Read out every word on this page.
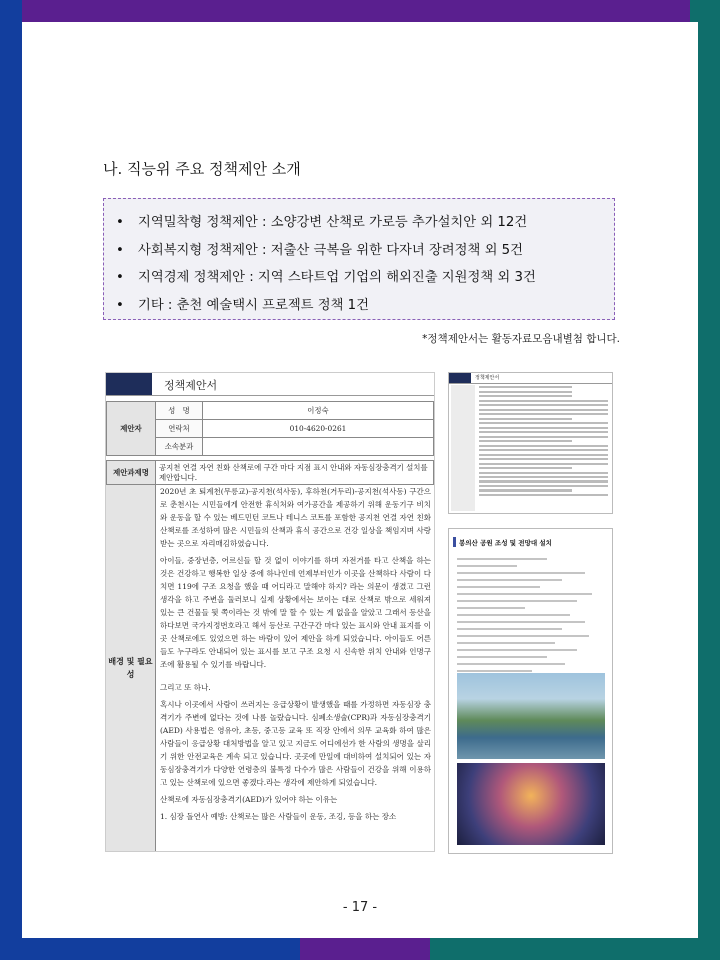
나. 직능위 주요 정책제안 소개
• 지역밀착형 정책제안 : 소양강변 산책로 가로등 추가설치안 외 12건
• 사회복지형 정책제안 : 저출산 극복을 위한 다자녀 장려정책 외 5건
• 지역경제 정책제안 : 지역 스타트업 기업의 해외진출 지원정책 외 3건
• 기타 : 춘천 예술택시 프로젝트 정책 1건
*정책제안서는 활동자료모음내별첨 합니다.
정책제안서
제안자	성　명	이정숙
	연락처	010-4620-0261
	소속분과	
제안과제명	공지천 연결 자연 친화 산책로에 구간 마다 지점 표시 안내와 자동심장충격기 설치를 제안합니다.
배경 및 필요성

2020년 초 퇴계천(무릉교)-공지천(석사동), 후하천(거두리)-공지천(석사동) 구간으로 춘천시는 시민들에게 안전한 휴식처와 여가공간을 제공하기 위해 운동기구 비치와 운동을 할 수 있는 베드민턴 코트나 테니스 코트를 포함한 공지천 연결 자연 친화 산책로를 조성하여 많은 시민들의 산책과 휴식 공간으로 건강 일상을 책임지며 사랑 받는 곳으로 자리매김하였습니다.

아이들, 중장년층, 어르신들 할 것 없이 이야기를 하며 자전거를 타고 산책을 하는 것은 건강하고 행복한 일상 중에 하나인데 언제부터인가 이곳을 산책하다 사람이 다치면 119에 구조 요청을 했을 때 어디라고 말해야 하지? 라는 의문이 생겼고 그런 생각을 하고 주변을 둘러보니 실제 상황에서는 보이는 대로 산책로 밖으로 세워져 있는 큰 건물들 뒷 쪽이라는 것 밖에 말 할 수 있는 게 없을을 알았고 그래서 등산을 하다보면 국가지정번호라고 해서 등산로 구간구간 마다 있는 표시와 안내 표지를 이곳 산책로에도 있었으면 하는 바람이 있어 제안을 하게 되었습니다. 아이들도 어른들도 누구라도 안내되어 있는 표시를 보고 구조 요청 시 신속한 위치 안내와 인명구조에 활용될 수 있기를 바랍니다.

그리고 또 하나.

혹시나 이곳에서 사람이 쓰러지는 응급상황이 발생했을 때를 가정하면 자동심장 충격기가 주변에 없다는 것에 나름 놀랐습니다. 심폐소생술(CPR)과 자동심장충격기(AED) 사용법은 영유아, 초등, 중고등 교육 또 직장 안에서 의무 교육화 하여 많은 사람들이 응급상황 대처방법을 알고 있고 지금도 어디에선가 한 사람의 생명을 살리기 위한 안전교육은 계속 되고 있습니다. 곳곳에 만일에 대비하여 설치되어 있는 자동심장충격기가 다양한 연령층의 불특정 다수가 많은 사람들이 건강을 위해 이용하고 있는 산책로에 있으면 좋겠다.라는 생각에 제안하게 되었습니다.

산책로에 자동심장충격기(AED)가 있어야 하는 이유는

1. 심장 돌연사 예방: 산책로는 많은 사람들이 운동, 조깅, 등을 하는 장소

정책제안서
봉의산 공원 조성 및 전망대 설치
- 17 -
